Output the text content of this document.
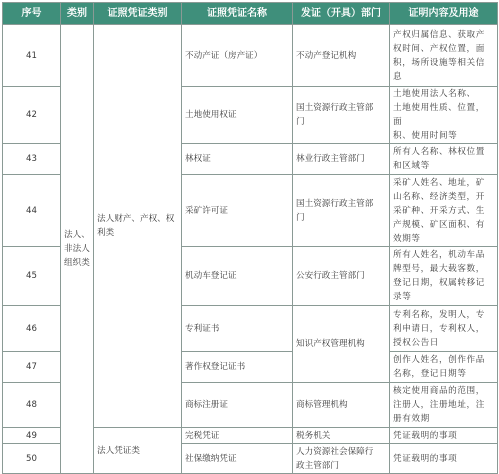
序号	类别	证照凭证类别	证照凭证名称	发证（开具）部门	证明内容及用途
41	法人、
非法人
组织类	法人财产、产权、权
利类	不动产证（房产证）	不动产登记机构	产权归属信息、获取产
权时间、产权位置，面
积，场所设施等相关信
息
42			土地使用权证	国土资源行政主管部
门	土地使用法人名称、
土地使用性质、位置，面
积、使用时间等
43			林权证	林业行政主管部门	所有人名称、林权位置
和区域等
44			采矿许可证	国土资源行政主管部
门	采矿人姓名、地址，矿
山名称、经济类型，开
采矿种、开采方式、生
产规模、矿区面积、有
效期等
45			机动车登记证	公安行政主管部门	所有人姓名，机动车品
牌型号，最大载客数，
登记日期，权属转移记
录等
46			专利证书	知识产权管理机构	专利名称，发明人，专
利申请日，专利权人，
授权公告日
47			著作权登记证书		创作人姓名，创作作品
名称，登记日期等
48			商标注册证	商标管理机构	核定使用商品的范围，
注册人，注册地址，注
册有效期
49		法人凭证类	完税凭证	税务机关	凭证载明的事项
50			社保缴纳凭证	人力资源社会保障行
政主管部门	凭证载明的事项
